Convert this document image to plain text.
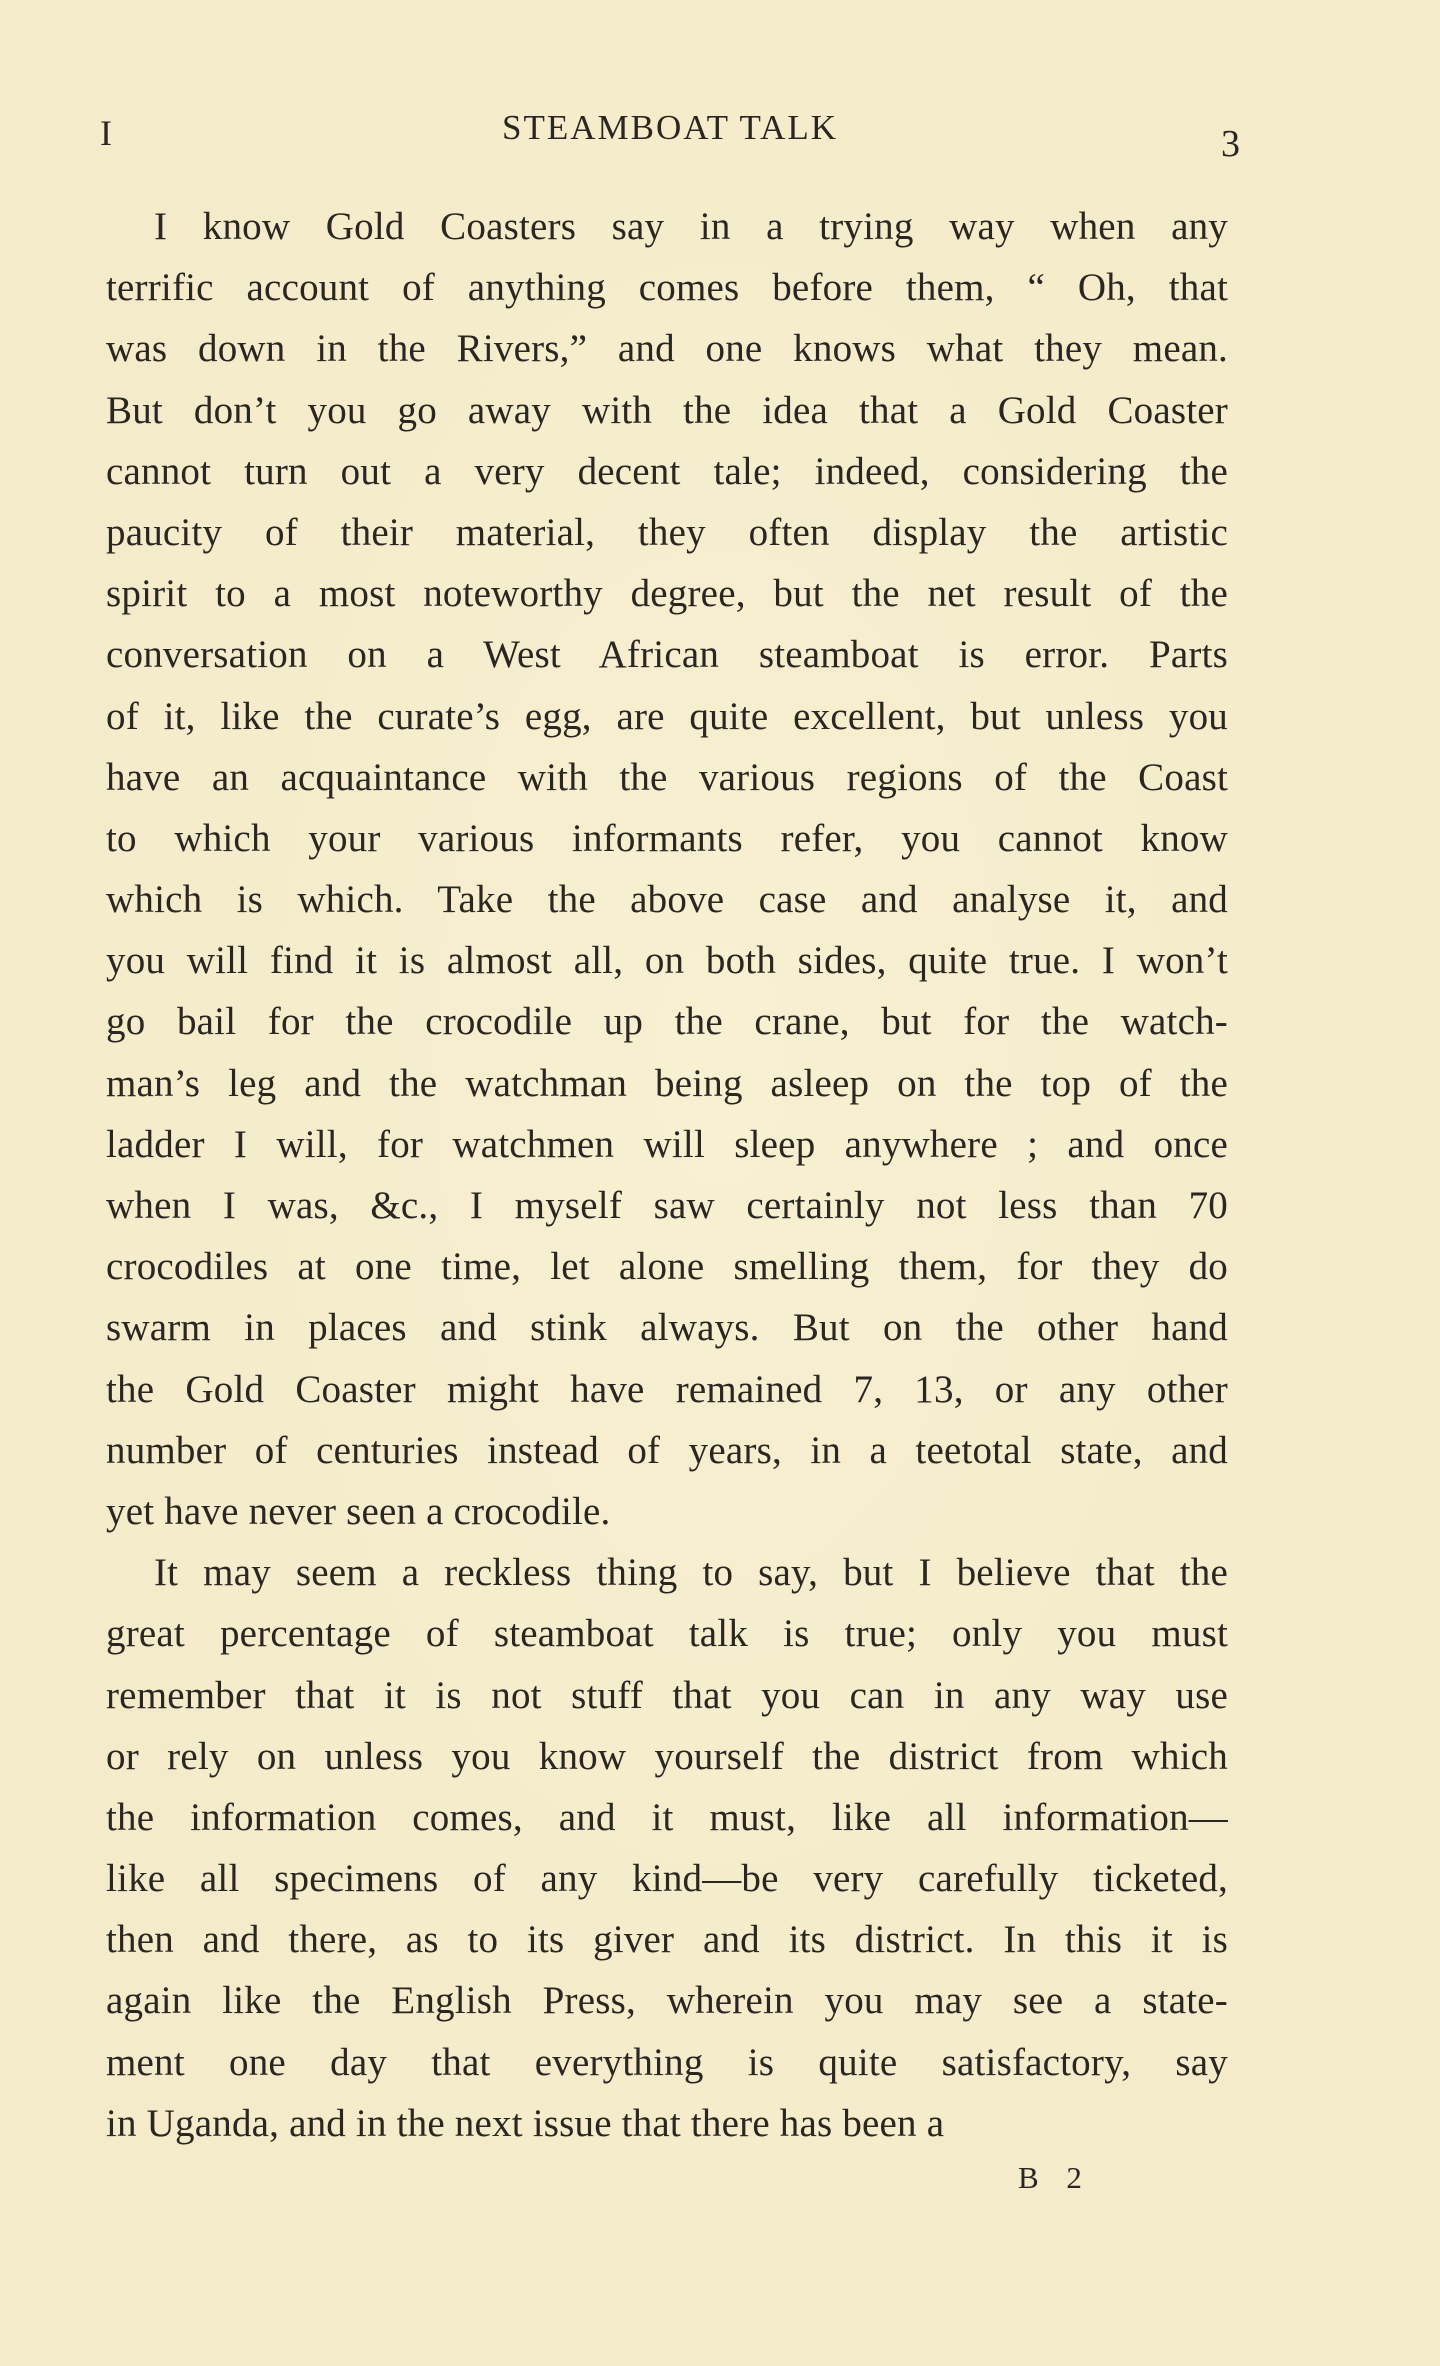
I	STEAMBOAT TALK	3
I know Gold Coasters say in a trying way when any
terrific account of anything comes before them, “ Oh, that
was down in the Rivers,” and one knows what they mean.
But don’t you go away with the idea that a Gold Coaster
cannot turn out a very decent tale; indeed, considering the
paucity of their material, they often display the artistic
spirit to a most noteworthy degree, but the net result of the
conversation on a West African steamboat is error. Parts
of it, like the curate’s egg, are quite excellent, but unless you
have an acquaintance with the various regions of the Coast
to which your various informants refer, you cannot know
which is which. Take the above case and analyse it, and
you will find it is almost all, on both sides, quite true. I won’t
go bail for the crocodile up the crane, but for the watch-
man’s leg and the watchman being asleep on the top of the
ladder I will, for watchmen will sleep anywhere ; and once
when I was, &c., I myself saw certainly not less than 70
crocodiles at one time, let alone smelling them, for they do
swarm in places and stink always. But on the other hand
the Gold Coaster might have remained 7, 13, or any other
number of centuries instead of years, in a teetotal state, and
yet have never seen a crocodile.
It may seem a reckless thing to say, but I believe that the
great percentage of steamboat talk is true; only you must
remember that it is not stuff that you can in any way use
or rely on unless you know yourself the district from which
the information comes, and it must, like all information—
like all specimens of any kind—be very carefully ticketed,
then and there, as to its giver and its district. In this it is
again like the English Press, wherein you may see a state-
ment one day that everything is quite satisfactory, say
in Uganda, and in the next issue that there has been a
B 2
